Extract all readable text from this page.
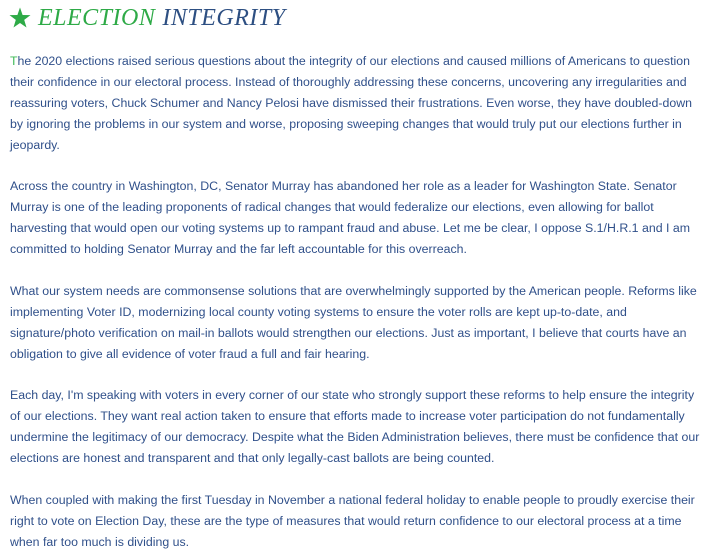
ELECTION INTEGRITY

The 2020 elections raised serious questions about the integrity of our elections and caused millions of Americans to question their confidence in our electoral process. Instead of thoroughly addressing these concerns, uncovering any irregularities and reassuring voters, Chuck Schumer and Nancy Pelosi have dismissed their frustrations. Even worse, they have doubled-down by ignoring the problems in our system and worse, proposing sweeping changes that would truly put our elections further in jeopardy.

Across the country in Washington, DC, Senator Murray has abandoned her role as a leader for Washington State. Senator Murray is one of the leading proponents of radical changes that would federalize our elections, even allowing for ballot harvesting that would open our voting systems up to rampant fraud and abuse. Let me be clear, I oppose S.1/H.R.1 and I am committed to holding Senator Murray and the far left accountable for this overreach.

What our system needs are commonsense solutions that are overwhelmingly supported by the American people. Reforms like implementing Voter ID, modernizing local county voting systems to ensure the voter rolls are kept up-to-date, and signature/photo verification on mail-in ballots would strengthen our elections. Just as important, I believe that courts have an obligation to give all evidence of voter fraud a full and fair hearing.

Each day, I'm speaking with voters in every corner of our state who strongly support these reforms to help ensure the integrity of our elections. They want real action taken to ensure that efforts made to increase voter participation do not fundamentally undermine the legitimacy of our democracy. Despite what the Biden Administration believes, there must be confidence that our elections are honest and transparent and that only legally-cast ballots are being counted.

When coupled with making the first Tuesday in November a national federal holiday to enable people to proudly exercise their right to vote on Election Day, these are the type of measures that would return confidence to our electoral process at a time when far too much is dividing us.
